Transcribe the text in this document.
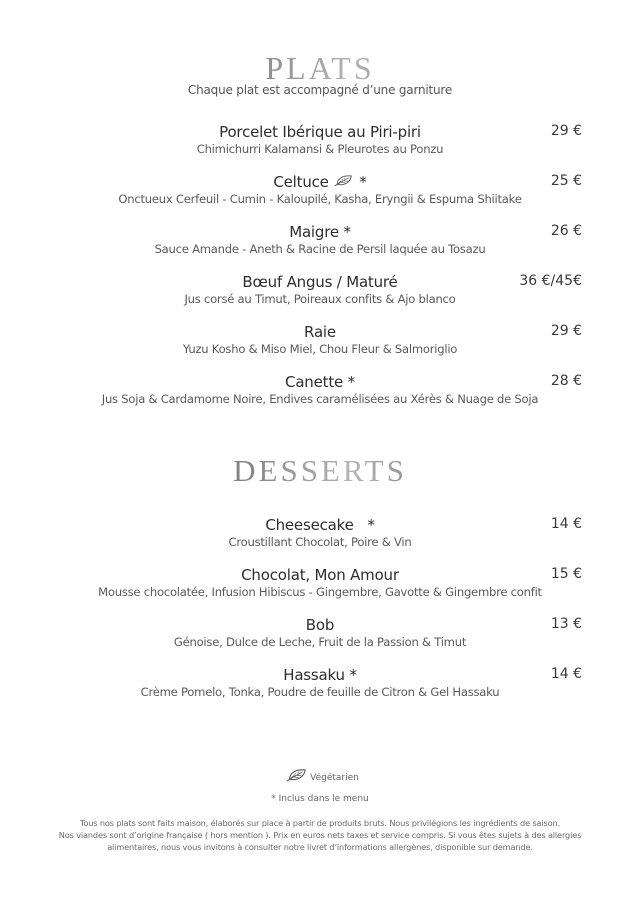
PLATS
Chaque plat est accompagné d’une garniture
Porcelet Ibérique au Piri-piri	29 €
Chimichurri Kalamansi & Pleurotes au Ponzu
Celtuce *	25 €
Onctueux Cerfeuil - Cumin - Kaloupilé, Kasha, Eryngii & Espuma Shiitake
Maigre *	26 €
Sauce Amande - Aneth & Racine de Persil laquée au Tosazu
Bœuf Angus / Maturé	36 €/45€
Jus corsé au Timut, Poireaux confits & Ajo blanco
Raie	29 €
Yuzu Kosho & Miso Miel, Chou Fleur & Salmoriglio
Canette *	28 €
Jus Soja & Cardamome Noire, Endives caramélisées au Xérès & Nuage de Soja
DESSERTS
Cheesecake *	14 €
Croustillant Chocolat, Poire & Vin
Chocolat, Mon Amour	15 €
Mousse chocolatée, Infusion Hibiscus - Gingembre, Gavotte & Gingembre confit
Bob	13 €
Génoise, Dulce de Leche, Fruit de la Passion & Timut
Hassaku *	14 €
Crème Pomelo, Tonka, Poudre de feuille de Citron & Gel Hassaku
Végétarien
* Inclus dans le menu
Tous nos plats sont faits maison, élaborés sur place à partir de produits bruts. Nous privilégions les ingrédients de saison.
Nos viandes sont d’origine française ( hors mention ). Prix en euros nets taxes et service compris. Si vous êtes sujets à des allergies
alimentaires, nous vous invitons à consulter notre livret d’informations allergènes, disponible sur demande.
